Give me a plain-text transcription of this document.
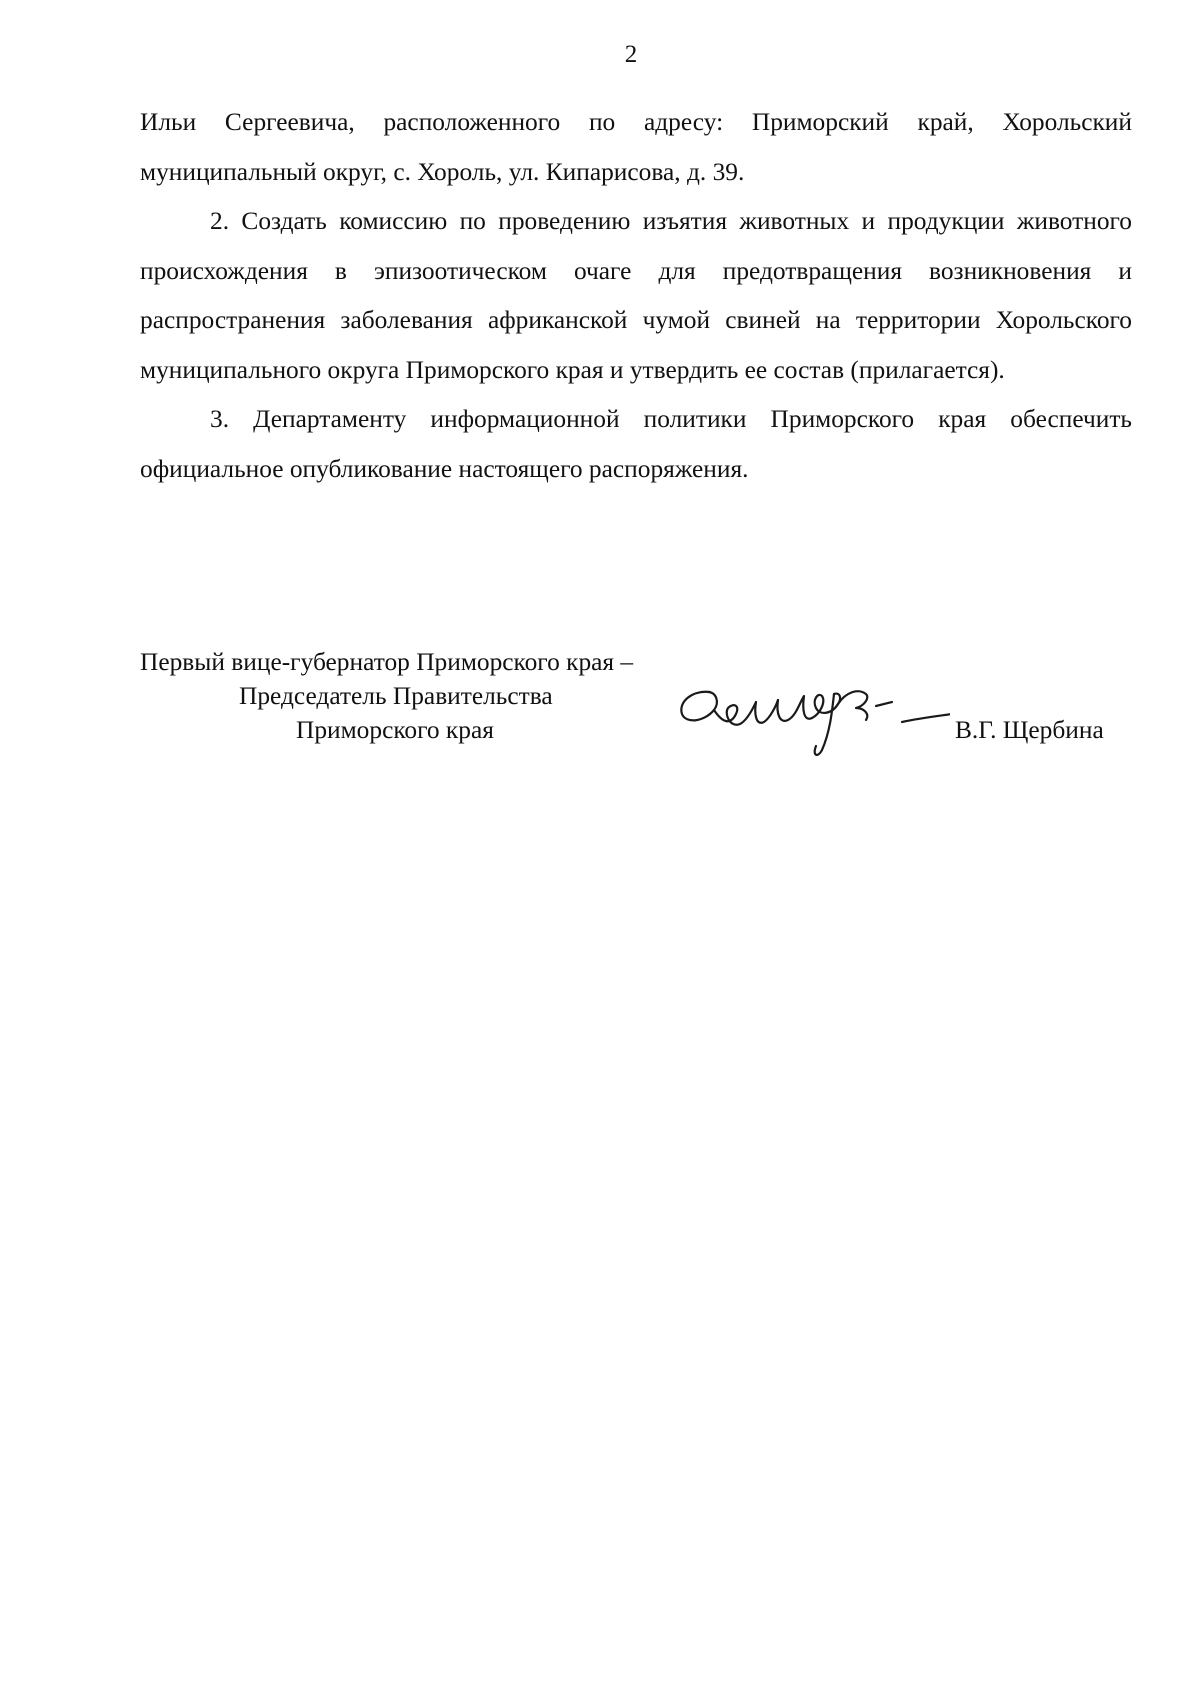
2

Ильи Сергеевича, расположенного по адресу: Приморский край, Хорольский муниципальный округ, с. Хороль, ул. Кипарисова, д. 39.

2. Создать комиссию по проведению изъятия животных и продукции животного происхождения в эпизоотическом очаге для предотвращения возникновения и распространения заболевания африканской чумой свиней на территории Хорольского муниципального округа Приморского края и утвердить ее состав (прилагается).

3. Департаменту информационной политики Приморского края обеспечить официальное опубликование настоящего распоряжения.

Первый вице-губернатор Приморского края –
Председатель Правительства
Приморского края	В.Г. Щербина
